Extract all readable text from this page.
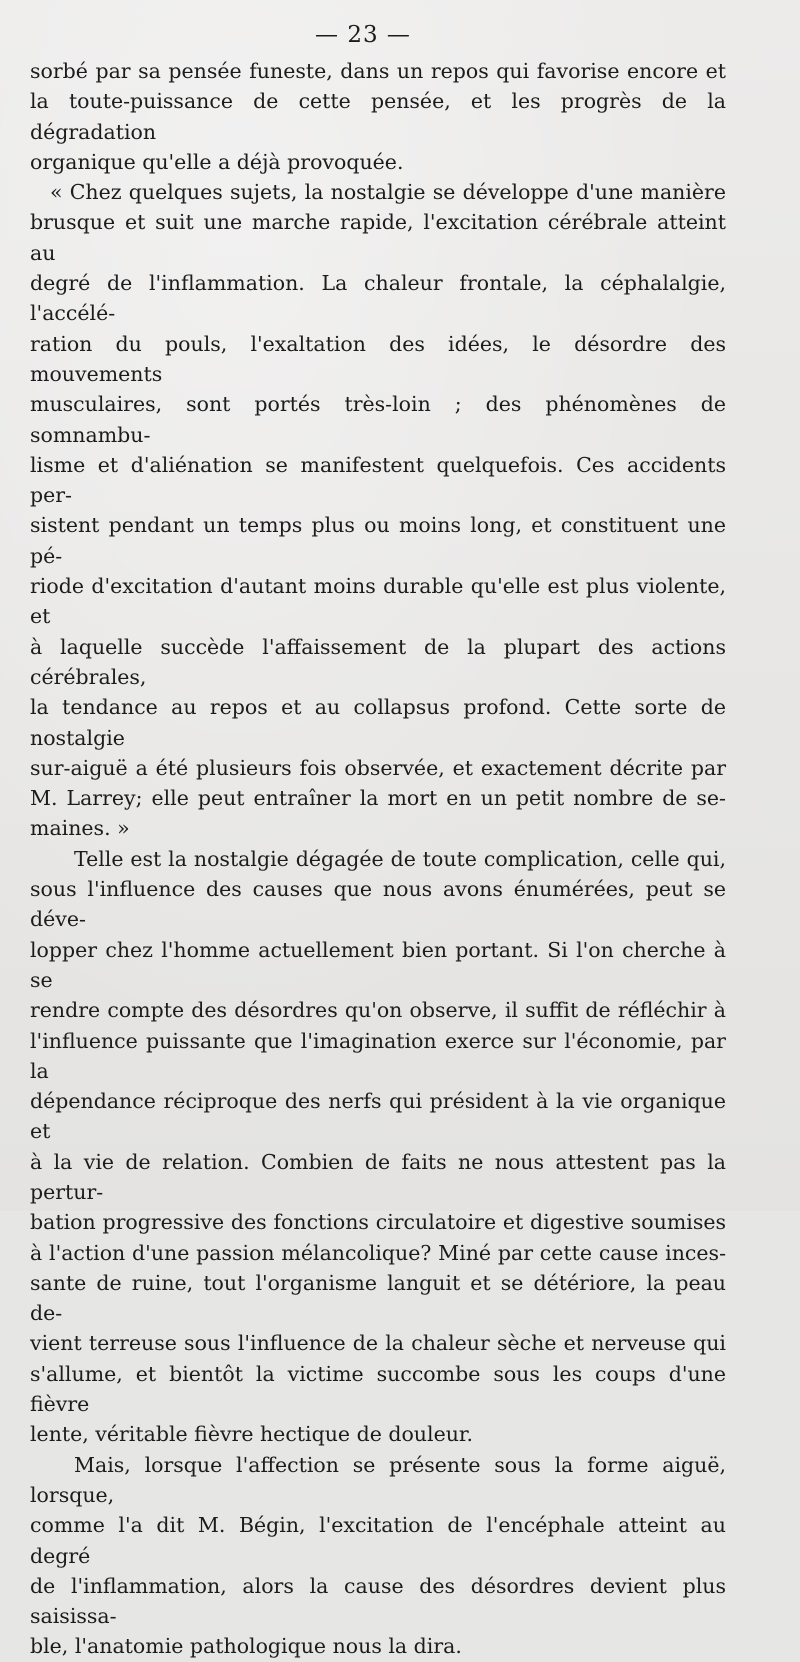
— 23 —

sorbé par sa pensée funeste, dans un repos qui favorise encore et

la toute-puissance de cette pensée, et les progrès de la dégradation

organique qu'elle a déjà provoquée.

« Chez quelques sujets, la nostalgie se développe d'une manière

brusque et suit une marche rapide, l'excitation cérébrale atteint au

degré de l'inflammation. La chaleur frontale, la céphalalgie, l'accélé-

ration du pouls, l'exaltation des idées, le désordre des mouvements

musculaires, sont portés très-loin ; des phénomènes de somnambu-

lisme et d'aliénation se manifestent quelquefois. Ces accidents per-

sistent pendant un temps plus ou moins long, et constituent une pé-

riode d'excitation d'autant moins durable qu'elle est plus violente, et

à laquelle succède l'affaissement de la plupart des actions cérébrales,

la tendance au repos et au collapsus profond. Cette sorte de nostalgie

sur-aiguë a été plusieurs fois observée, et exactement décrite par

M. Larrey; elle peut entraîner la mort en un petit nombre de se-

maines. »

Telle est la nostalgie dégagée de toute complication, celle qui,

sous l'influence des causes que nous avons énumérées, peut se déve-

lopper chez l'homme actuellement bien portant. Si l'on cherche à se

rendre compte des désordres qu'on observe, il suffit de réfléchir à

l'influence puissante que l'imagination exerce sur l'économie, par la

dépendance réciproque des nerfs qui président à la vie organique et

à la vie de relation. Combien de faits ne nous attestent pas la pertur-

bation progressive des fonctions circulatoire et digestive soumises

à l'action d'une passion mélancolique? Miné par cette cause inces-

sante de ruine, tout l'organisme languit et se détériore, la peau de-

vient terreuse sous l'influence de la chaleur sèche et nerveuse qui

s'allume, et bientôt la victime succombe sous les coups d'une fièvre

lente, véritable fièvre hectique de douleur.

Mais, lorsque l'affection se présente sous la forme aiguë, lorsque,

comme l'a dit M. Bégin, l'excitation de l'encéphale atteint au degré

de l'inflammation, alors la cause des désordres devient plus saisissa-

ble, l'anatomie pathologique nous la dira.
